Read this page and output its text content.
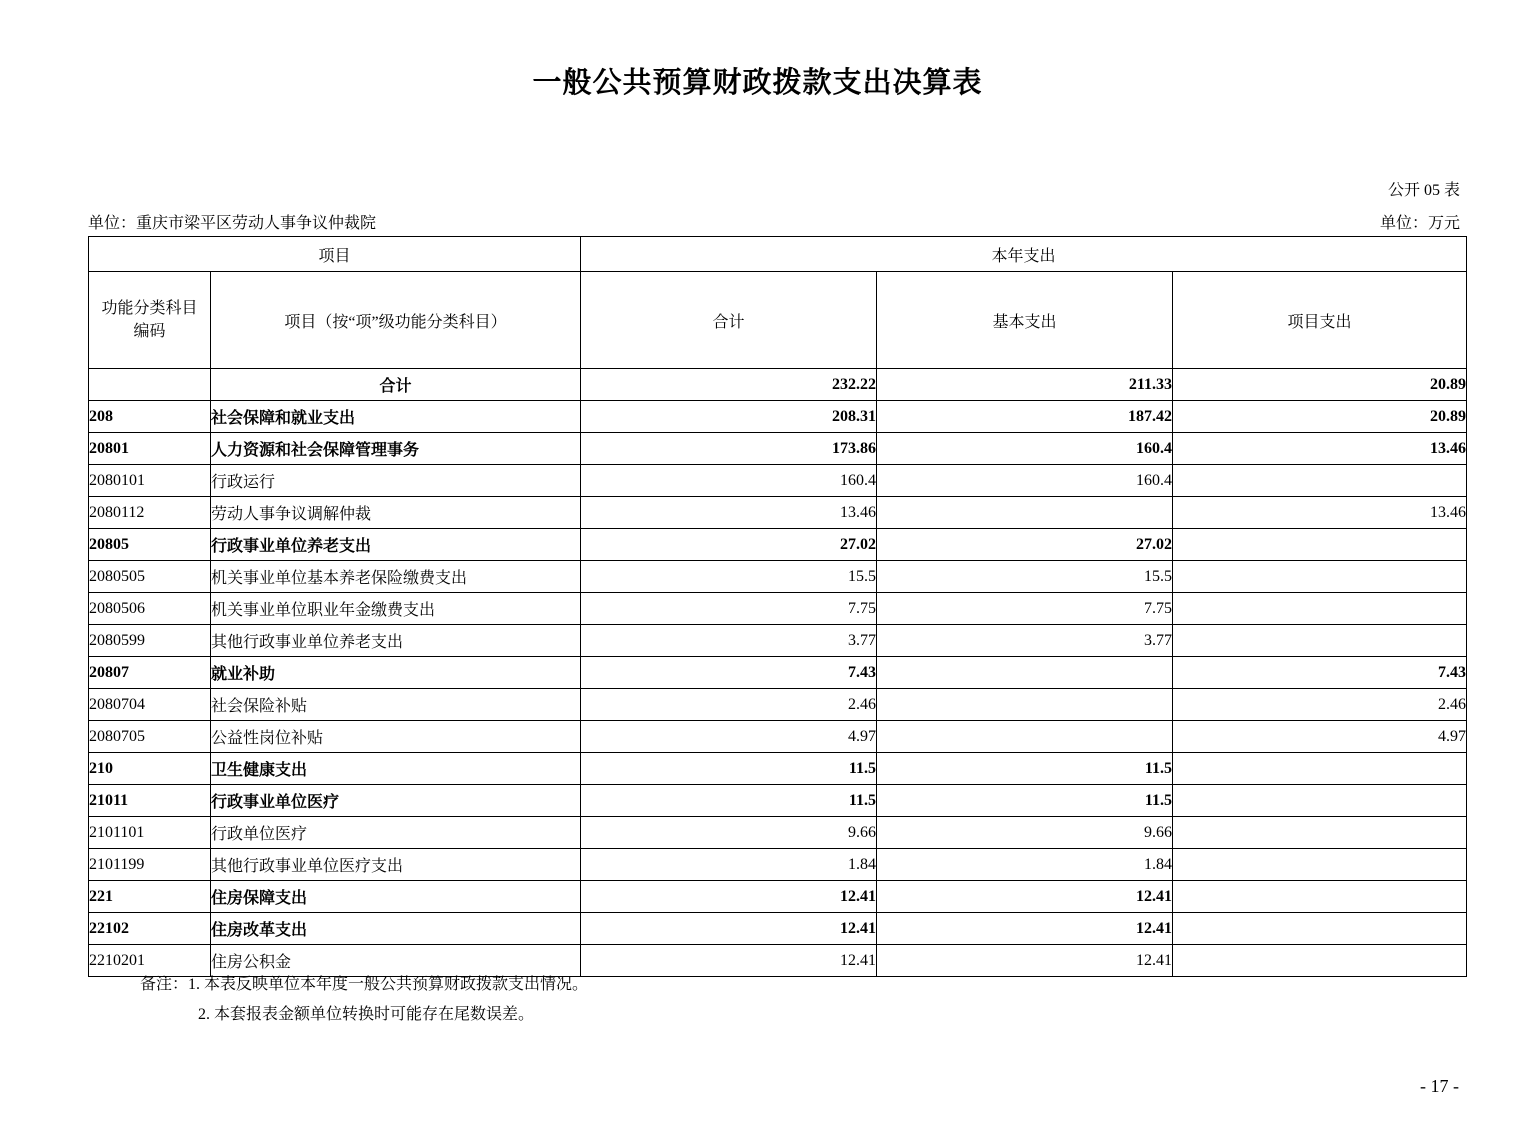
一般公共预算财政拨款支出决算表
公开 05 表
单位：重庆市梁平区劳动人事争议仲裁院	单位：万元
项目		本年支出		

功能分类科目
编码	项目（按“项”级功能分类科目）	合计	基本支出	项目支出
	合计	232.22	211.33	20.89
208	社会保障和就业支出	208.31	187.42	20.89
20801	人力资源和社会保障管理事务	173.86	160.4	13.46
2080101	行政运行	160.4	160.4	
2080112	劳动人事争议调解仲裁	13.46		13.46
20805	行政事业单位养老支出	27.02	27.02	
2080505	机关事业单位基本养老保险缴费支出	15.5	15.5	
2080506	机关事业单位职业年金缴费支出	7.75	7.75	
2080599	其他行政事业单位养老支出	3.77	3.77	
20807	就业补助	7.43		7.43
2080704	社会保险补贴	2.46		2.46
2080705	公益性岗位补贴	4.97		4.97
210	卫生健康支出	11.5	11.5	
21011	行政事业单位医疗	11.5	11.5	
2101101	行政单位医疗	9.66	9.66	
2101199	其他行政事业单位医疗支出	1.84	1.84	
221	住房保障支出	12.41	12.41	
22102	住房改革支出	12.41	12.41	
2210201	住房公积金	12.41	12.41	
备注：1. 本表反映单位本年度一般公共预算财政拨款支出情况。
2. 本套报表金额单位转换时可能存在尾数误差。
- 17 -
